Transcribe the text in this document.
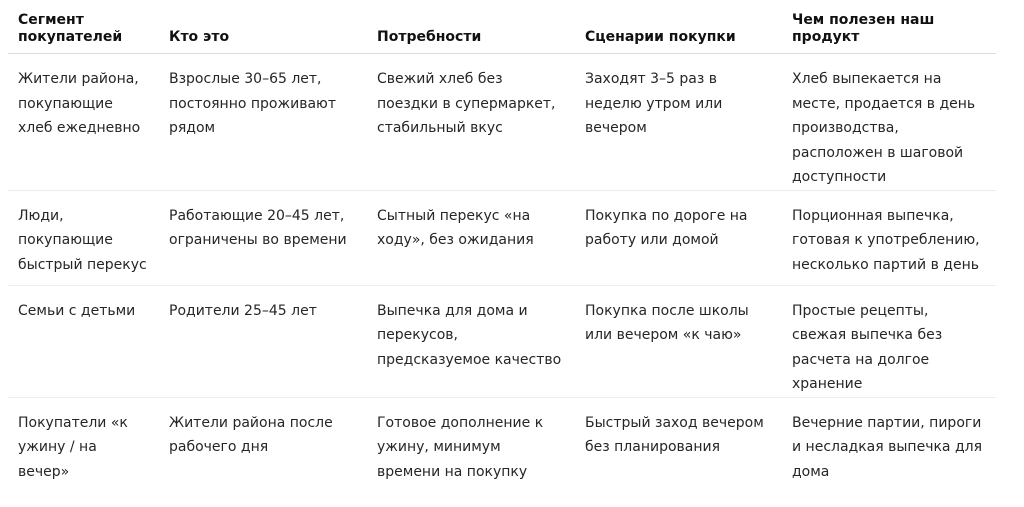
Сегмент покупателей	Кто это	Потребности	Сценарии покупки	Чем полезен наш продукт
Жители района, покупающие хлеб ежедневно	Взрослые 30–65 лет, постоянно проживают рядом	Свежий хлеб без поездки в супермаркет, стабильный вкус	Заходят 3–5 раз в неделю утром или вечером	Хлеб выпекается на месте, продается в день производства, расположен в шаговой доступности
Люди, покупающие быстрый перекус	Работающие 20–45 лет, ограничены во времени	Сытный перекус «на ходу», без ожидания	Покупка по дороге на работу или домой	Порционная выпечка, готовая к употреблению, несколько партий в день
Семьи с детьми	Родители 25–45 лет	Выпечка для дома и перекусов, предсказуемое качество	Покупка после школы или вечером «к чаю»	Простые рецепты, свежая выпечка без расчета на долгое хранение
Покупатели «к ужину / на вечер»	Жители района после рабочего дня	Готовое дополнение к ужину, минимум времени на покупку	Быстрый заход вечером без планирования	Вечерние партии, пироги и несладкая выпечка для дома
